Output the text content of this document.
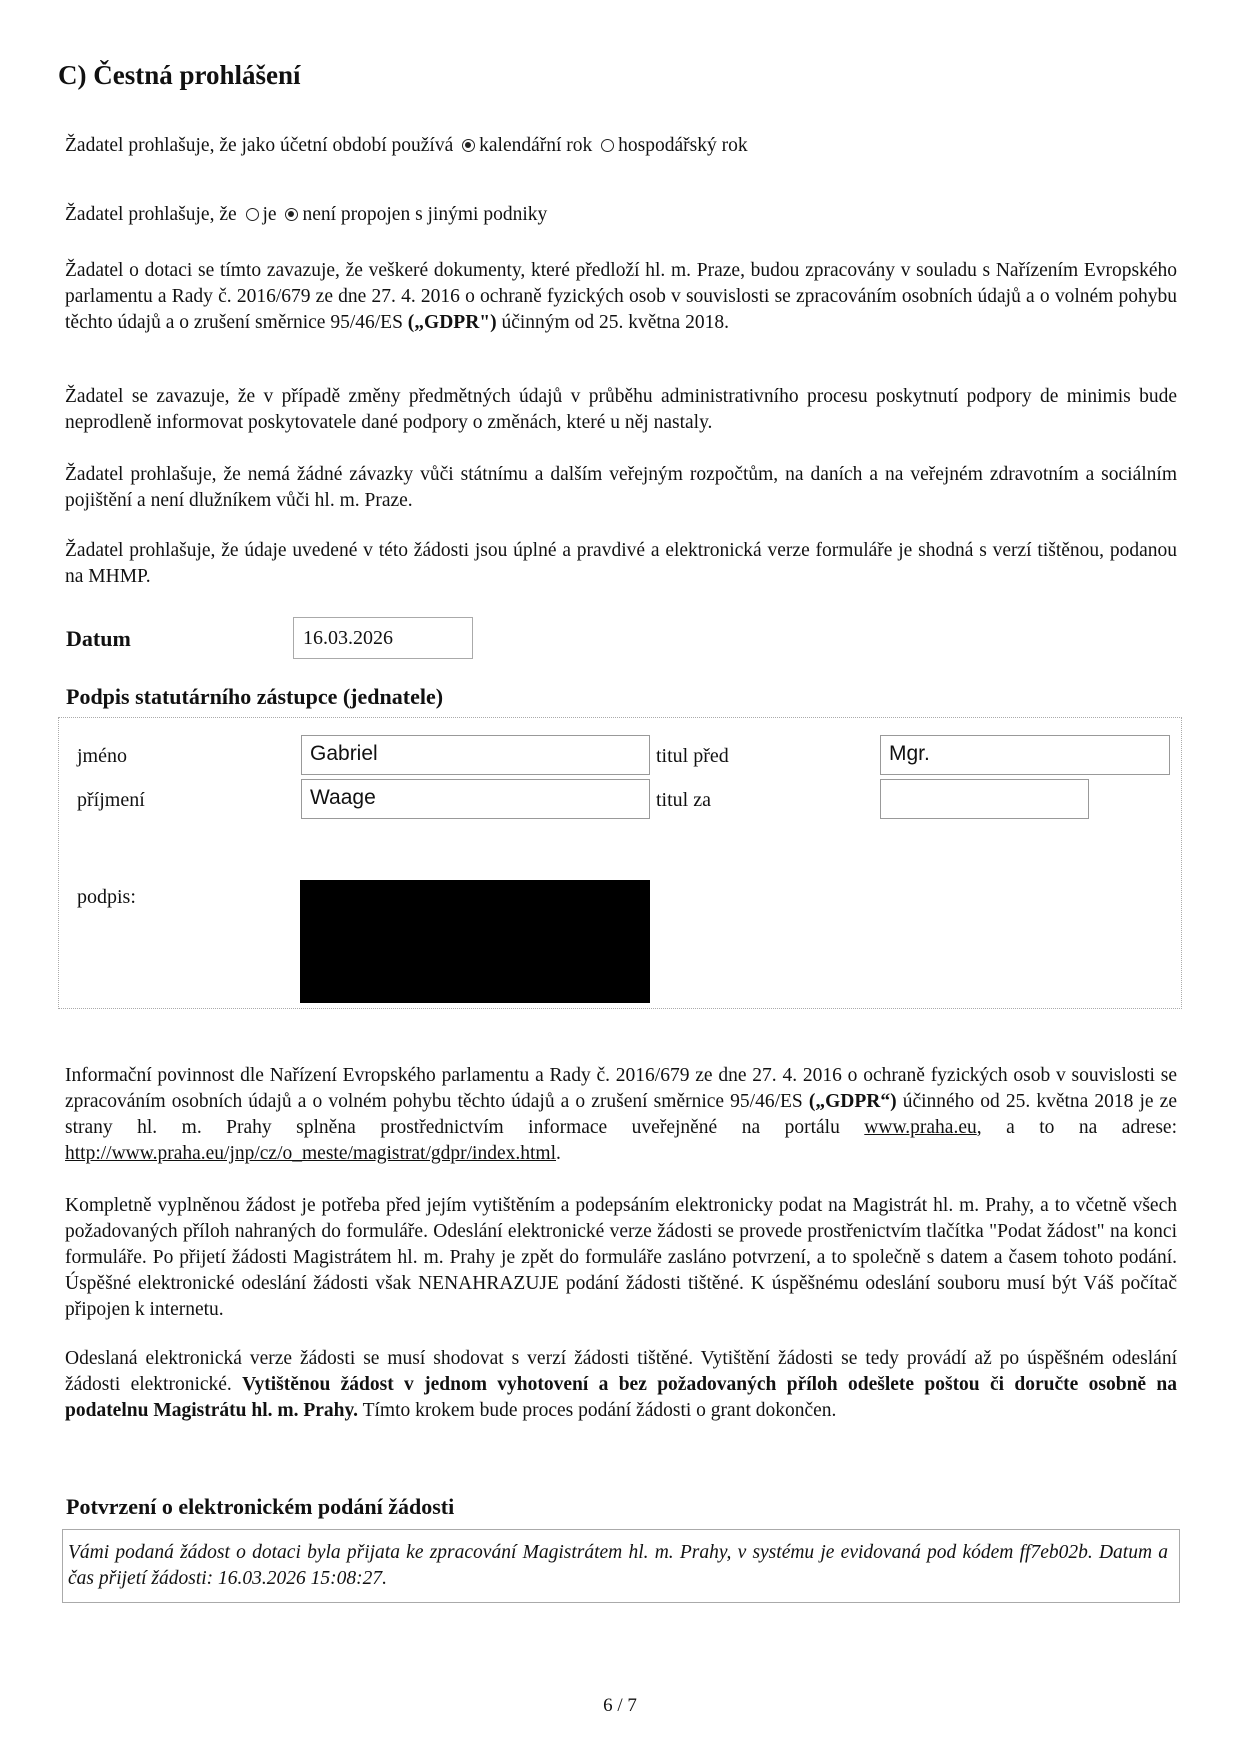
C) Čestná prohlášení
Žadatel prohlašuje, že jako účetní období používá kalendářní rok hospodářský rok
Žadatel prohlašuje, že je není propojen s jinými podniky
Žadatel o dotaci se tímto zavazuje, že veškeré dokumenty, které předloží hl. m. Praze, budou zpracovány v souladu s Nařízením Evropského parlamentu a Rady č. 2016/679 ze dne 27. 4. 2016 o ochraně fyzických osob v souvislosti se zpracováním osobních údajů a o volném pohybu těchto údajů a o zrušení směrnice 95/46/ES („GDPR") účinným od 25. května 2018.
Žadatel se zavazuje, že v případě změny předmětných údajů v průběhu administrativního procesu poskytnutí podpory de minimis bude neprodleně informovat poskytovatele dané podpory o změnách, které u něj nastaly.
Žadatel prohlašuje, že nemá žádné závazky vůči státnímu a dalším veřejným rozpočtům, na daních a na veřejném zdravotním a sociálním pojištění a není dlužníkem vůči hl. m. Praze.
Žadatel prohlašuje, že údaje uvedené v této žádosti jsou úplné a pravdivé a elektronická verze formuláře je shodná s verzí tištěnou, podanou na MHMP.
Datum	16.03.2026
Podpis statutárního zástupce (jednatele)
jméno	Gabriel	titul před	Mgr.
příjmení	Waage	titul za
podpis:
Informační povinnost dle Nařízení Evropského parlamentu a Rady č. 2016/679 ze dne 27. 4. 2016 o ochraně fyzických osob v souvislosti se zpracováním osobních údajů a o volném pohybu těchto údajů a o zrušení směrnice 95/46/ES („GDPR“) účinného od 25. května 2018 je ze strany hl. m. Prahy splněna prostřednictvím informace uveřejněné na portálu www.praha.eu, a to na adrese: http://www.praha.eu/jnp/cz/o_meste/magistrat/gdpr/index.html.
Kompletně vyplněnou žádost je potřeba před jejím vytištěním a podepsáním elektronicky podat na Magistrát hl. m. Prahy, a to včetně všech požadovaných příloh nahraných do formuláře. Odeslání elektronické verze žádosti se provede prostřenictvím tlačítka "Podat žádost" na konci formuláře. Po přijetí žádosti Magistrátem hl. m. Prahy je zpět do formuláře zasláno potvrzení, a to společně s datem a časem tohoto podání. Úspěšné elektronické odeslání žádosti však NENAHRAZUJE podání žádosti tištěné. K úspěšnému odeslání souboru musí být Váš počítač připojen k internetu.
Odeslaná elektronická verze žádosti se musí shodovat s verzí žádosti tištěné. Vytištění žádosti se tedy provádí až po úspěšném odeslání žádosti elektronické. Vytištěnou žádost v jednom vyhotovení a bez požadovaných příloh odešlete poštou či doručte osobně na podatelnu Magistrátu hl. m. Prahy. Tímto krokem bude proces podání žádosti o grant dokončen.
Potvrzení o elektronickém podání žádosti
Vámi podaná žádost o dotaci byla přijata ke zpracování Magistrátem hl. m. Prahy, v systému je evidovaná pod kódem ff7eb02b. Datum a čas přijetí žádosti: 16.03.2026 15:08:27.
6 / 7
